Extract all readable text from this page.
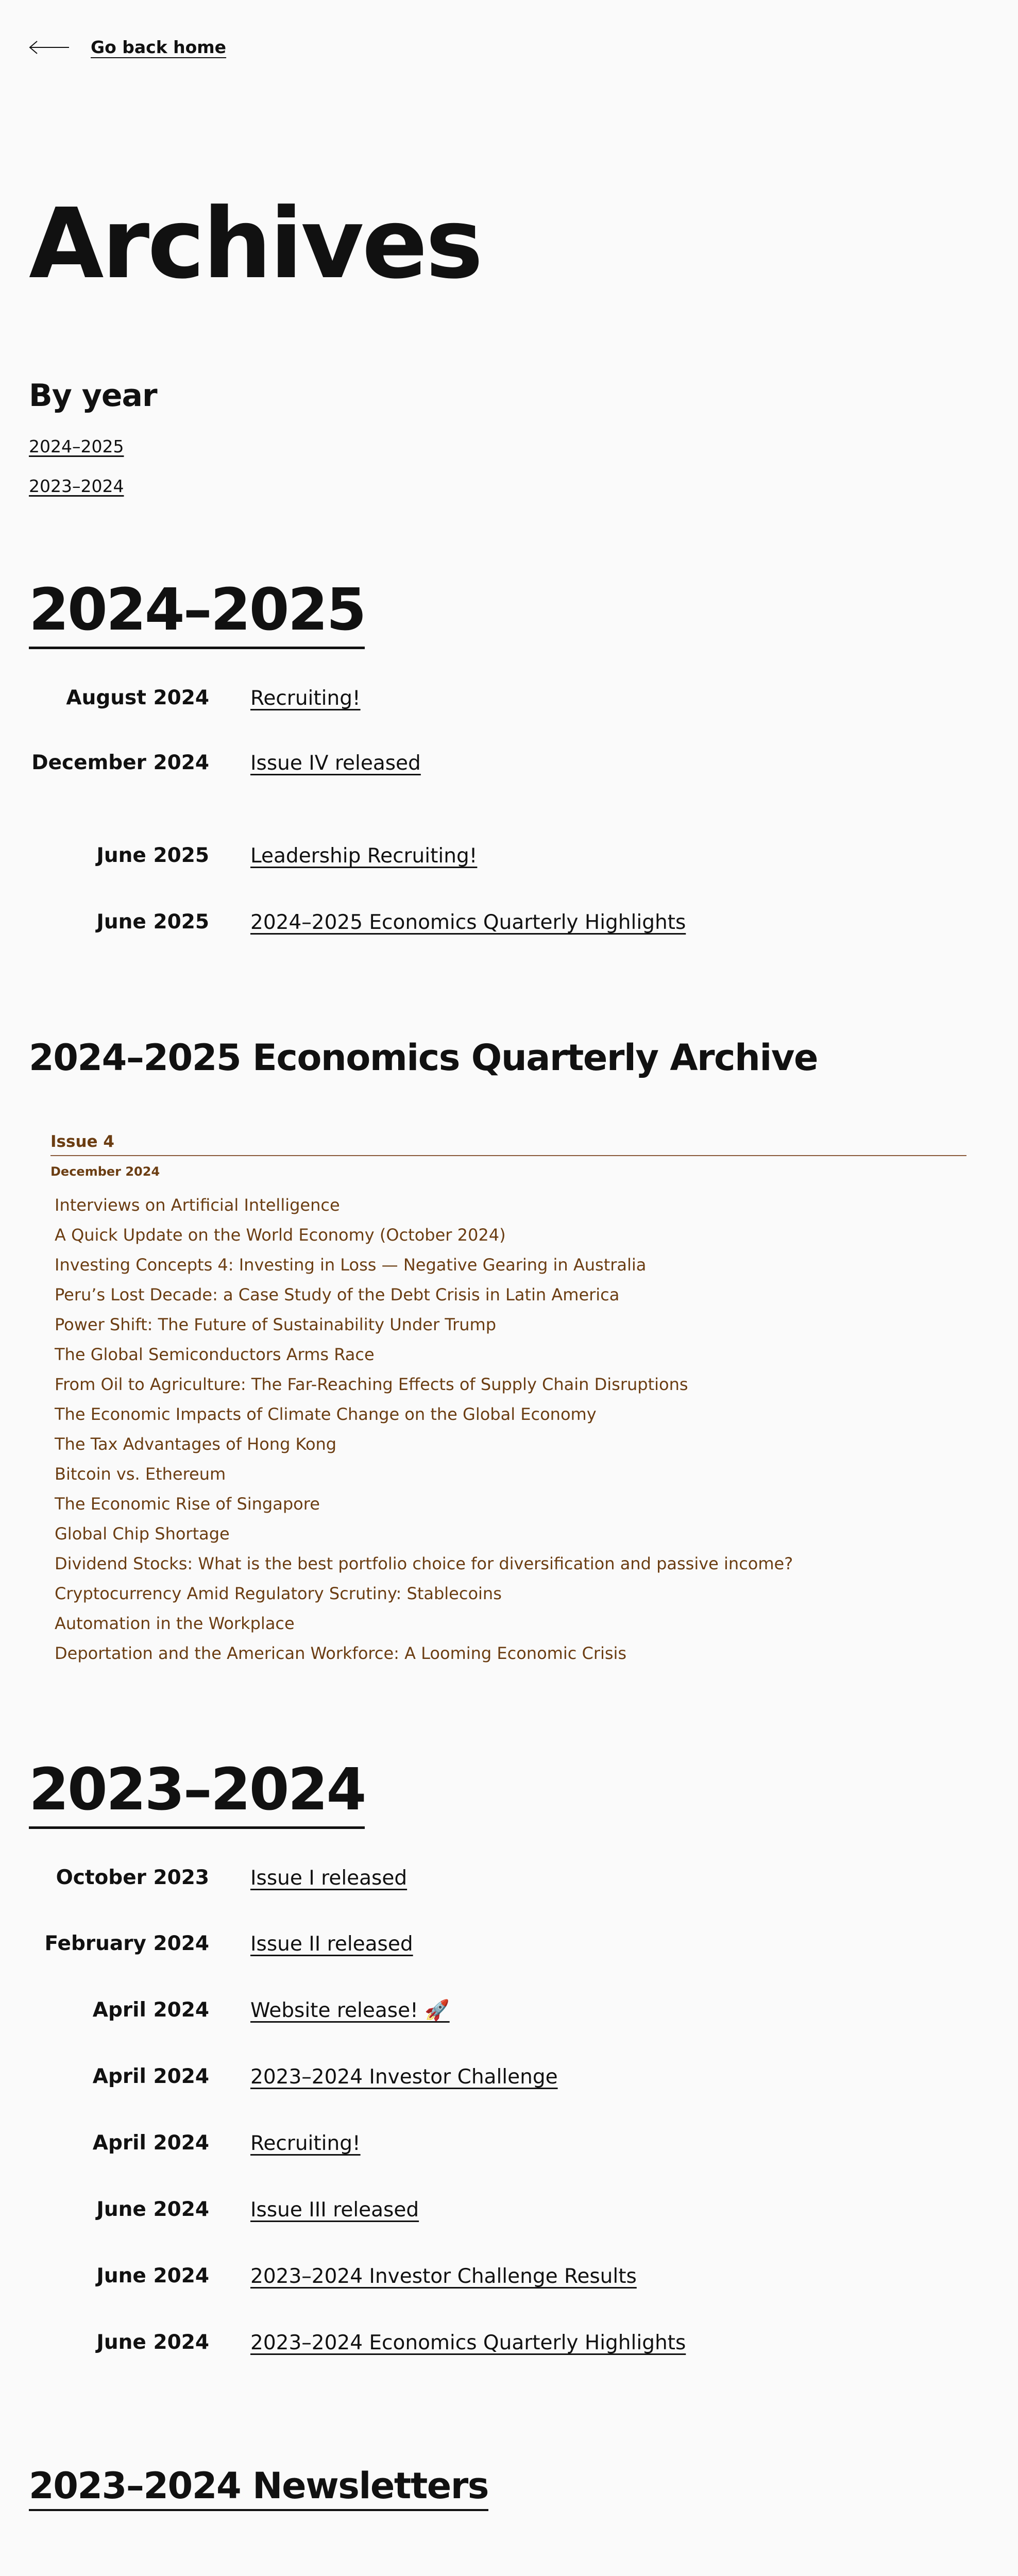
Go back home
Archives
By year
2024–2025
2023–2024
2024–2025
August 2024 Recruiting!
December 2024 Issue IV released
June 2025 Leadership Recruiting!
June 2025 2024–2025 Economics Quarterly Highlights
2024–2025 Economics Quarterly Archive
Issue 4
December 2024
Interviews on Artificial Intelligence
A Quick Update on the World Economy (October 2024)
Investing Concepts 4: Investing in Loss — Negative Gearing in Australia
Peru’s Lost Decade: a Case Study of the Debt Crisis in Latin America
Power Shift: The Future of Sustainability Under Trump
The Global Semiconductors Arms Race
From Oil to Agriculture: The Far-Reaching Effects of Supply Chain Disruptions
The Economic Impacts of Climate Change on the Global Economy
The Tax Advantages of Hong Kong
Bitcoin vs. Ethereum
The Economic Rise of Singapore
Global Chip Shortage
Dividend Stocks: What is the best portfolio choice for diversification and passive income?
Cryptocurrency Amid Regulatory Scrutiny: Stablecoins
Automation in the Workplace
Deportation and the American Workforce: A Looming Economic Crisis
2023–2024
October 2023 Issue I released
February 2024 Issue II released
April 2024 Website release! 🚀
April 2024 2023–2024 Investor Challenge
April 2024 Recruiting!
June 2024 Issue III released
June 2024 2023–2024 Investor Challenge Results
June 2024 2023–2024 Economics Quarterly Highlights
2023–2024 Newsletters
